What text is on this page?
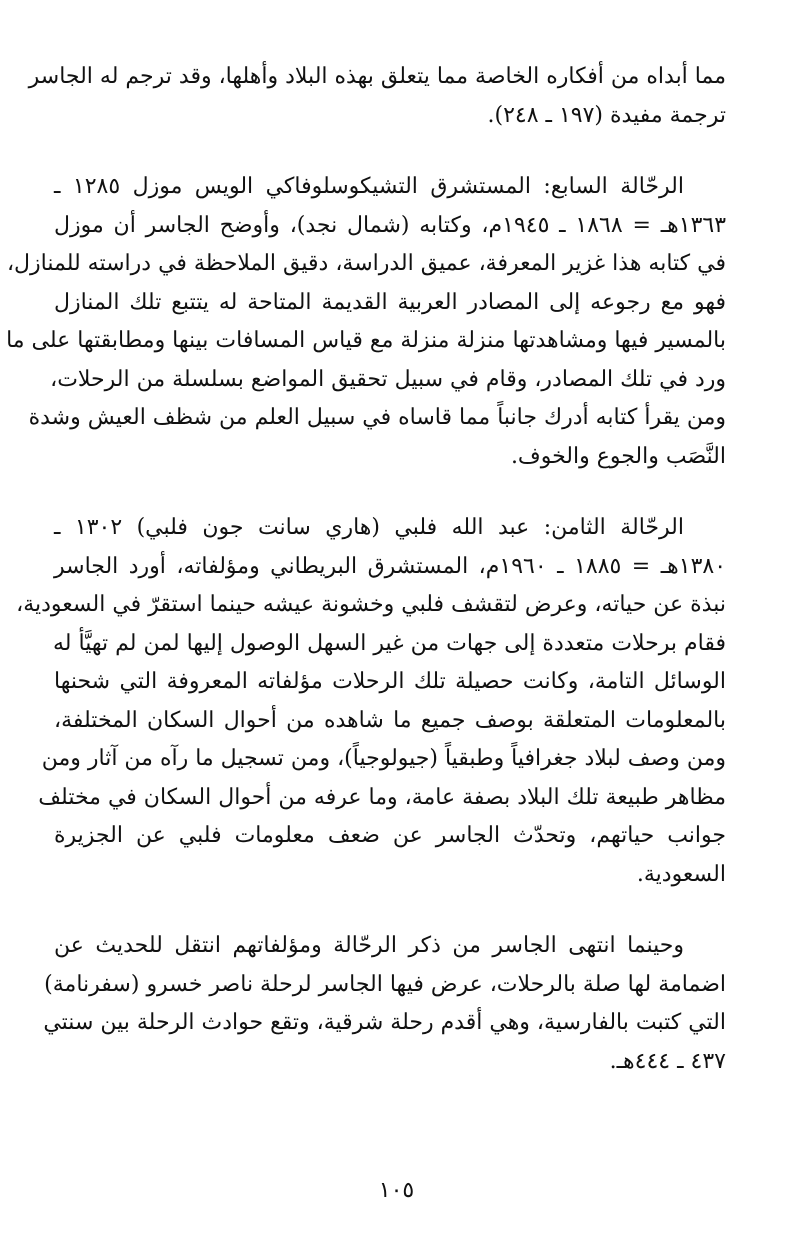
مما أبداه من أفكاره الخاصة مما يتعلق بهذه البلاد وأهلها، وقد ترجم له الجاسر
ترجمة مفيدة (١٩٧ ـ ٢٤٨).
الرحّالة السابع: المستشرق التشيكوسلوفاكي الويس موزل ١٢٨٥ ـ
١٣٦٣هـ = ١٨٦٨ ـ ١٩٤٥م، وكتابه (شمال نجد)، وأوضح الجاسر أن موزل
في كتابه هذا غزير المعرفة، عميق الدراسة، دقيق الملاحظة في دراسته للمنازل،
فهو مع رجوعه إلى المصادر العربية القديمة المتاحة له يتتبع تلك المنازل
بالمسير فيها ومشاهدتها منزلة منزلة مع قياس المسافات بينها ومطابقتها على ما
ورد في تلك المصادر، وقام في سبيل تحقيق المواضع بسلسلة من الرحلات،
ومن يقرأ كتابه أدرك جانباً مما قاساه في سبيل العلم من شظف العيش وشدة
النَّصَب والجوع والخوف.
الرحّالة الثامن: عبد الله فلبي (هاري سانت جون فلبي) ١٣٠٢ ـ
١٣٨٠هـ = ١٨٨٥ ـ ١٩٦٠م، المستشرق البريطاني ومؤلفاته، أورد الجاسر
نبذة عن حياته، وعرض لتقشف فلبي وخشونة عيشه حينما استقرّ في السعودية،
فقام برحلات متعددة إلى جهات من غير السهل الوصول إليها لمن لم تهيَّأ له
الوسائل التامة، وكانت حصيلة تلك الرحلات مؤلفاته المعروفة التي شحنها
بالمعلومات المتعلقة بوصف جميع ما شاهده من أحوال السكان المختلفة،
ومن وصف لبلاد جغرافياً وطبقياً (جيولوجياً)، ومن تسجيل ما رآه من آثار ومن
مظاهر طبيعة تلك البلاد بصفة عامة، وما عرفه من أحوال السكان في مختلف
جوانب حياتهم، وتحدّث الجاسر عن ضعف معلومات فلبي عن الجزيرة
السعودية.
وحينما انتهى الجاسر من ذكر الرحّالة ومؤلفاتهم انتقل للحديث عن
اضمامة لها صلة بالرحلات، عرض فيها الجاسر لرحلة ناصر خسرو (سفرنامة)
التي كتبت بالفارسية، وهي أقدم رحلة شرقية، وتقع حوادث الرحلة بين سنتي
٤٣٧ ـ ٤٤٤هـ.
١٠٥
